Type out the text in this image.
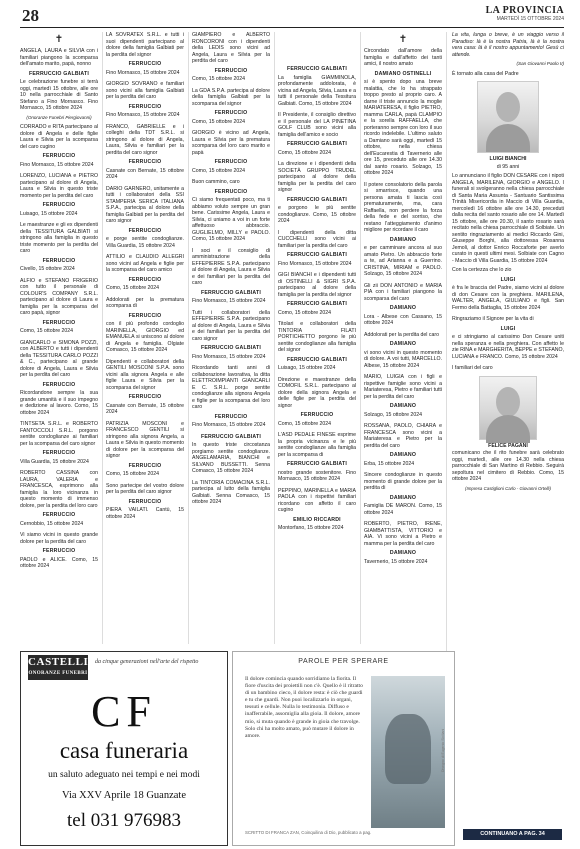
28	LA PROVINCIA
MARTEDÌ 15 OTTOBRE 2024
✝

ANGELA, LAURA e SILVIA con i familiari piangono la scomparsa dell'amato marito, papà, nonno

FERRUCCIO GALBIATI

Le celebrazione funebre si terrà oggi, martedì 15 ottobre, alle ore 10 nella parrocchiale di Santo Stefano a Fino Mornasco. Fino Mornasco, 15 ottobre 2024

(Onoranze Funebri Piergiovanni)

CORRADO e RITA partecipano al dolore di Angela e delle figlie Laura e Silvia per la scomparsa del caro cugino

FERRUCCIO

Fino Mornasco, 15 ottobre 2024

LORENZO, LUCIANA e PIETRO partecipano al dolore di Angela, Laura e Silvia in questo triste momento per la perdita del caro

FERRUCCIO

Luisago, 15 ottobre 2024

Le maestranze e gli ex dipendenti della TESSITURA GALBIATI si stringono alla famiglia in questo triste momento per la perdita del caro

FERRUCCIO

Civello, 15 ottobre 2024

ALFIO e STEFANO FRIGERIO con tutto il personale di COLOUR'S COMPANY S.R.L. partecipano al dolore di Laura e famiglia per la scomparsa del caro papà, signor

FERRUCCIO

Como, 15 ottobre 2024

GIANCARLO e SIMONA POZZI, con ALBERTO e tutti i dipendenti della TESSITURA CARLO POZZI & C., partecipano al grande dolore di Angela, Laura e Silvia per la perdita del caro

FERRUCCIO

Ricordandone sempre la sua grande umanità e il suo impegno e dedizione al lavoro. Como, 15 ottobre 2024

TINTSETA S.R.L. e ROBERTO FANTOCCOLI S.R.L. porgono sentite condoglianze ai familiari per la scomparsa del caro signor

FERRUCCIO

Villa Guardia, 15 ottobre 2024

ROBERTO CASSINA con LAURA, VALERIA e FRANCESCA, esprimono alla famiglia la loro vicinanza in questo momento di immenso dolore, per la perdita del loro caro

FERRUCCIO

Cernobbio, 15 ottobre 2024

Vi siamo vicini in questo grande dolore per la perdita del caro

FERRUCCIO

PAOLO e ALICE. Como, 15 ottobre 2024

LA SOVRATEX S.R.L. e tutti i suoi dipendenti partecipano al dolore della famiglia Galbiati per la perdita del signor

FERRUCCIO

Fino Mornasco, 15 ottobre 2024

GIORGIO SOVRANO e familiari sono vicini alla famiglia Galbiati per la perdita del caro

FERRUCCIO

Fino Mornasco, 15 ottobre 2024

FRANCO, GABRIELLE e i colleghi della TDT S.R.L. si stringono al dolore di Angela, Laura, Silvia e familiari per la perdita del caro signor

FERRUCCIO

Casnate con Bernate, 15 ottobre 2024

DARIO GARNERO, unitamente a tutti i collaboratori della SSI STAMPERIA SERICA ITALIANA S.P.A., partecipa al dolore della famiglia Galbiati per la perdita del caro signor

FERRUCCIO

e porge sentite condoglianze. Villa Guardia, 15 ottobre 2024

ATTILIO e CLAUDIO ALLEGRI sono vicini ad Angela e figlie per la scomparsa del caro amico

FERRUCCIO

Como, 15 ottobre 2024

Addolorati per la prematura scomparsa di

FERRUCCIO

con il più profondo cordoglio MARINELLA, GIORGIO ed EMANUELA si uniscono al dolore di Angela e famiglia. Olgiate Comasco, 15 ottobre 2024

Dipendenti e collaboratori della GENTILI MOSCONI S.P.A. sono vicini alla signora Angela e alle figlie Laura e Silvia per la scomparsa del signor

FERRUCCIO

Casnate con Bernate, 15 ottobre 2024

PATRIZIA MOSCONI e FRANCESCO GENTILI si stringono alla signora Angela, a Laura e Silvia in questo momento di dolore per la scomparsa del signor

FERRUCCIO

Como, 15 ottobre 2024

Sono partecipe del vostro dolore per la perdita del caro signor

FERRUCCIO

PIERA VAILATI. Cantù, 15 ottobre 2024

GIAMPIERO e ALBERTO RONCORONI con i dipendenti della LEDIS sono vicini ad Angela, Laura e Silvia per la perdita del caro

FERRUCCIO

Como, 15 ottobre 2024

La GDA S.P.A. partecipa al dolore della famiglia Galbiati per la scomparsa del signor

FERRUCCIO

Como, 15 ottobre 2024

GIORGIO è vicino ad Angela, Laura e Silvia per la prematura scomparsa del loro caro marito e papà

FERRUCCIO

Como, 15 ottobre 2024

Buon cammino, caro

FERRUCCIO

Ci siamo frequentati poco, ma ti abbiamo voluto sempre un gran bene. Carissime Angela, Laura e Silvia, ci uniamo a voi in un forte affettuoso abbraccio. GUGLIELMO, MILLY e PAOLO. Como, 15 ottobre 2024

I soci e il consiglio di amministrazione della EFFEPIERRE S.P.A. partecipano al dolore di Angela, Laura e Silvia e dei familiari per la perdita del caro

FERRUCCIO GALBIATI

Fino Mornasco, 15 ottobre 2024

Tutti i collaboratori della EFFEPIERRE S.P.A. partecipano al dolore di Angela, Laura e Silvia e dei familiari per la perdita del caro signor

FERRUCCIO GALBIATI

Fino Mornasco, 15 ottobre 2024

Ricordando tanti anni di collaborazione lavorativa, la ditta ELETTROIMPIANTI GIANCARLI E C. S.R.L. porge sentite condoglianze alla signora Angela e figlie per la scomparsa del loro caro

FERRUCCIO

Fino Mornasco, 15 ottobre 2024

FERRUCCIO GALBIATI

In questo triste circostanza porgiamo sentite condoglianze. ANGELAMARIA, BIANCHI e SILVANO BUSSETTI. Senna Comasco, 15 ottobre 2024

La TINTORIA COMACINA S.R.L. partecipa al lutto della famiglia Galbiati. Senna Comasco, 15 ottobre 2024

FERRUCCIO GALBIATI

La famiglia GIAMMINOLA, profondamente addolorata, è vicina ad Angela, Silvia, Laura e a tutti il personale della Tessitura Galbiati. Como, 15 ottobre 2024

Il Presidente, il consiglio direttivo e il personale del LA PINETINA GOLF CLUB sono vicini alla famiglia dell'amico e socio

FERRUCCIO GALBIATI

Como, 15 ottobre 2024

La direzione e i dipendenti della SOCIETÀ GRUPPO TRUDEL partecipano al dolore della famiglia per la perdita del caro signor

FERRUCCIO GALBIATI

e porgono le più sentite condoglianze. Como, 15 ottobre 2024

I dipendenti della ditta CUCCHELLI sono vicini ai familiari per la perdita del caro

FERRUCCIO GALBIATI

Fino Mornasco, 15 ottobre 2024

GIGI BIANCHI e i dipendenti tutti di OSTINELLI & SIGRI S.P.A. partecipano al dolore della famiglia per la perdita del signor

FERRUCCIO GALBIATI

Como, 15 ottobre 2024

Titolari e collaboratori della TINTORIA FILATI PORTICHETTO porgono le più sentite condoglianze alla famiglia del signor

FERRUCCIO GALBIATI

Luisago, 15 ottobre 2024

Direzione e maestranze della COMOFIL S.R.L. partecipano al dolore della signora Angela e delle figlie per la perdita del signor

FERRUCCIO

Como, 15 ottobre 2024

L'ASD PEDALE FINESE esprime la propria vicinanza e le più sentite condoglianze alla famiglia per la scomparsa di

FERRUCCIO GALBIATI

nostro grande sostenitore. Fino Mornasco, 15 ottobre 2024

PEPPINO, MARINELLA e MARIA PAOLA con i rispettivi familiari ricordano con affetto il caro cugino

EMILIO RICCARDI

Montorfano, 15 ottobre 2024

✝

Circondato dall'amore della famiglia e dall'affetto dei tanti amici, il nostro amato

DAMIANO OSTINELLI

si è spento dopo una breve malattia, che lo ha strappato troppo presto al proprio caro. A darne il triste annuncio la moglie MARIATERESA, il figlio PIETRO, mamma CARLA, papà CLAMPIO e la sorella RAFFAELLA, che porteranno sempre con loro il suo ricordo indelebile. L'ultimo saluto a Damiano sarà oggi, martedì 15 ottobre, nella chiesa dell'Eucarestia di Tavernerio alle ore 15, preceduto alle ore 14.30 dal santo rosario. Solzago, 15 ottobre 2024

Il potere consolatorio della parola si smarrisce, quando una persona amata ti lascia così prematuramente, ma, cara Raffaella, non perdere la forza della fede e del sorriso, che restano l'atteggiamento d'animo migliore per ricordare il caro

DAMIANO

e per camminare ancora al suo amato Pietro. Un abbraccio forte a te, ad Arianna e a Guerrino. CRISTINA, MIRIAM e PAOLO. Solzago, 15 ottobre 2024

Gli zii DON ANTONIO e MARIA PIA con i familiari piangono la scomparsa del caro

DAMIANO

Lora - Albese con Cassano, 15 ottobre 2024

Addolorati per la perdita del caro

DAMIANO

vi sono vicini in questo momento di dolore. A voi tutti, MARCELLO. Albese, 15 ottobre 2024

MARIO, LUIGIA con i figli e rispettive famiglie sono vicini a Mariateresa, Pietro e familiari tutti per la perdita del caro

DAMIANO

Solzago, 15 ottobre 2024

ROSSANA, PAOLO, CHIARA e FRANCESCA sono vicini a Mariateresa e Pietro per la perdita del caro

DAMIANO

Erba, 15 ottobre 2024

Sincere condoglianze in questo momento di grande dolore per la perdita di

DAMIANO

Famiglia DE MARON. Como, 15 ottobre 2024

ROBERTO, PIETRO, IRENE, GIAMBATTISTA, VITTORIO e AIA. Vi sono vicini a Pietro e mamma per la perdita del caro

DAMIANO

Tavernerio, 15 ottobre 2024

La vita, lunga o breve, è un viaggio verso il Paradiso: là è la nostra Patria, là è la nostra vera casa: là è il nostro appuntamento! Gesù ci attende.

(San Giovanni Paolo II)

È tornato alla casa del Padre

LUIGI BIANCHI
di 95 anni

Lo annunciano il figlio DON CESARE con i nipoti ANGELA, MARILENA, GIORGIO e ANGELO. I funerali si svolgeranno nella chiesa parrocchiale di Santa Maria Assunta - Santuario Santissima Trinità Misericordia in Maccio di Villa Guardia, mercoledì 16 ottobre alle ore 14.30, preceduti dalla recita del santo rosario alle ore 14. Martedì 15 ottobre, alle ore 20.30, il santo rosario sarà recitato nella chiesa parrocchiale di Solbiate. Un sentito ringraziamento ai medici Riccardo Gini, Giuseppe Borghi, alla dottoressa Rosanna Jemoli, al dottor Enrico Roccaforte per averlo curato in questi ultimi mesi. Solbiate con Cagno - Maccio di Villa Guardia, 15 ottobre 2024

Con la certezza che lo zio

LUIGI

è fra le braccia del Padre, siamo vicini al dolore di don Cesare con la preghiera. MARILENA, WALTER, ANGELA, GIULIANO e figli. San Fermo della Battaglia, 15 ottobre 2024

Ringraziamo il Signore per la vita di

LUIGI

e ci stringiamo al carissimo Don Cesare uniti nella speranza e nella preghiera. Con affetto le zie RINA e MARGHERITA, BEPPE e STEFANO, LUCIANA e FRANCO. Como, 15 ottobre 2024

I familiari del caro

FELICE PAGANI

comunicano che il rito funebre sarà celebrato oggi, martedì, alle ore 14.30 nella chiesa parrocchiale di San Martino di Rebbio. Seguirà sepoltura nel cimitero di Rebbio. Como, 15 ottobre 2024

(Impresa Castiglioni Carlo - Giovanni Ortelli)

CASTELLI
ONORANZE FUNEBRI
da cinque generazioni nell'arte del rispetto
CF
casa funeraria
un saluto adeguato nei tempi e nei modi
Via XXV Aprile 18 Guanzate
tel 031 976983
PAROLE PER SPERARE
Il dolore comincia quando sorridiamo la fiorita. Il fiore d'uscita dei proiettili non c'è. Quello è il ritratto di un bambino cieco, il dolore resta: è ciò che guardi e tu che guardi. Non puoi localizzarlo in organi, tessuti e cellule. Nulla lo testimonia. Diffuso e inafferrabile, assomiglia alla gioia. Il dolore, amore mio, si muta quando è grande in gioia che travolge. Solo chi ha molto amato, può mutare il dolore in amore.
SCRITTO DI FRANCA ZAN, Coinquilina di Dio, pubblicato a pag.
Disegno di Eugenio Siciliani
CONTINUANO A PAG. 34
